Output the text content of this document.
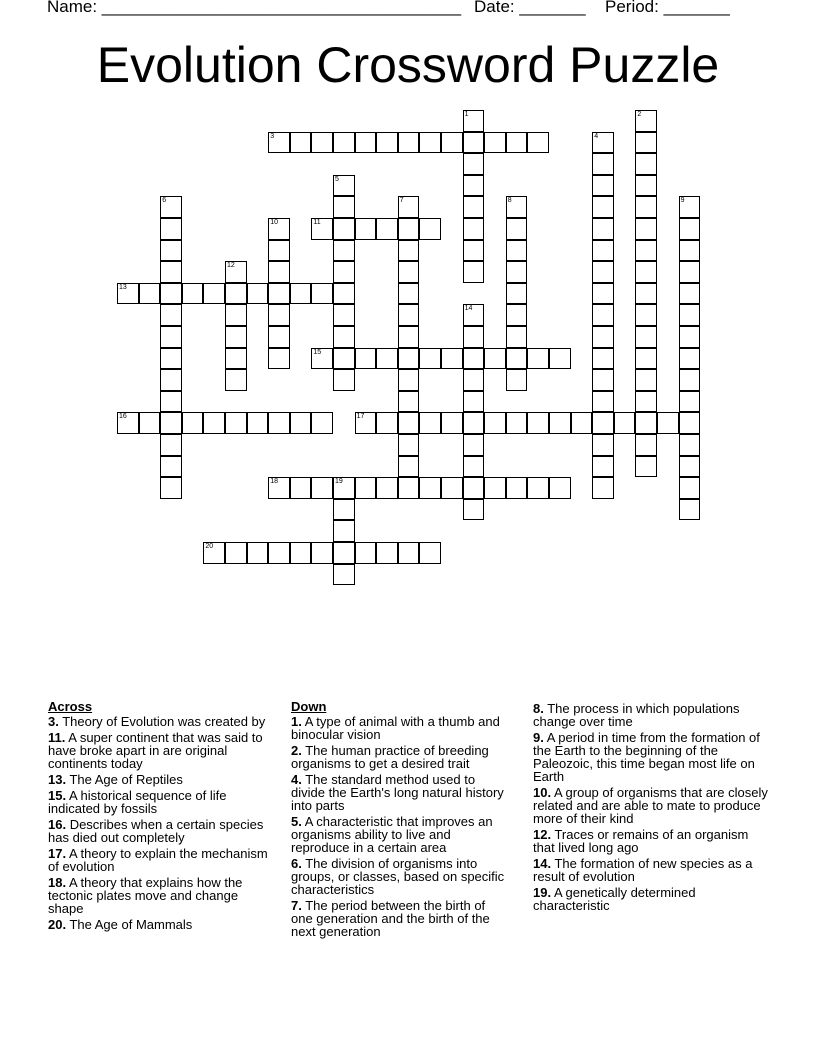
Name: ______________________________________ Date: _______ Period: _______
Evolution Crossword Puzzle
3
11
13
15
16	17
18	19
20
1	2
4
5
6	7	8	9
10
12
14
Across
3. Theory of Evolution was created by
11. A super continent that was said to have broke apart in are original continents today
13. The Age of Reptiles
15. A historical sequence of life indicated by fossils
16. Describes when a certain species has died out completely
17. A theory to explain the mechanism of evolution
18. A theory that explains how the tectonic plates move and change shape
20. The Age of Mammals
Down
1. A type of animal with a thumb and binocular vision
2. The human practice of breeding organisms to get a desired trait
4. The standard method used to divide the Earth's long natural history into parts
5. A characteristic that improves an organisms ability to live and reproduce in a certain area
6. The division of organisms into groups, or classes, based on specific characteristics
7. The period between the birth of one generation and the birth of the next generation
8. The process in which populations change over time
9. A period in time from the formation of the Earth to the beginning of the Paleozoic, this time began most life on Earth
10. A group of organisms that are closely related and are able to mate to produce more of their kind
12. Traces or remains of an organism that lived long ago
14. The formation of new species as a result of evolution
19. A genetically determined characteristic
